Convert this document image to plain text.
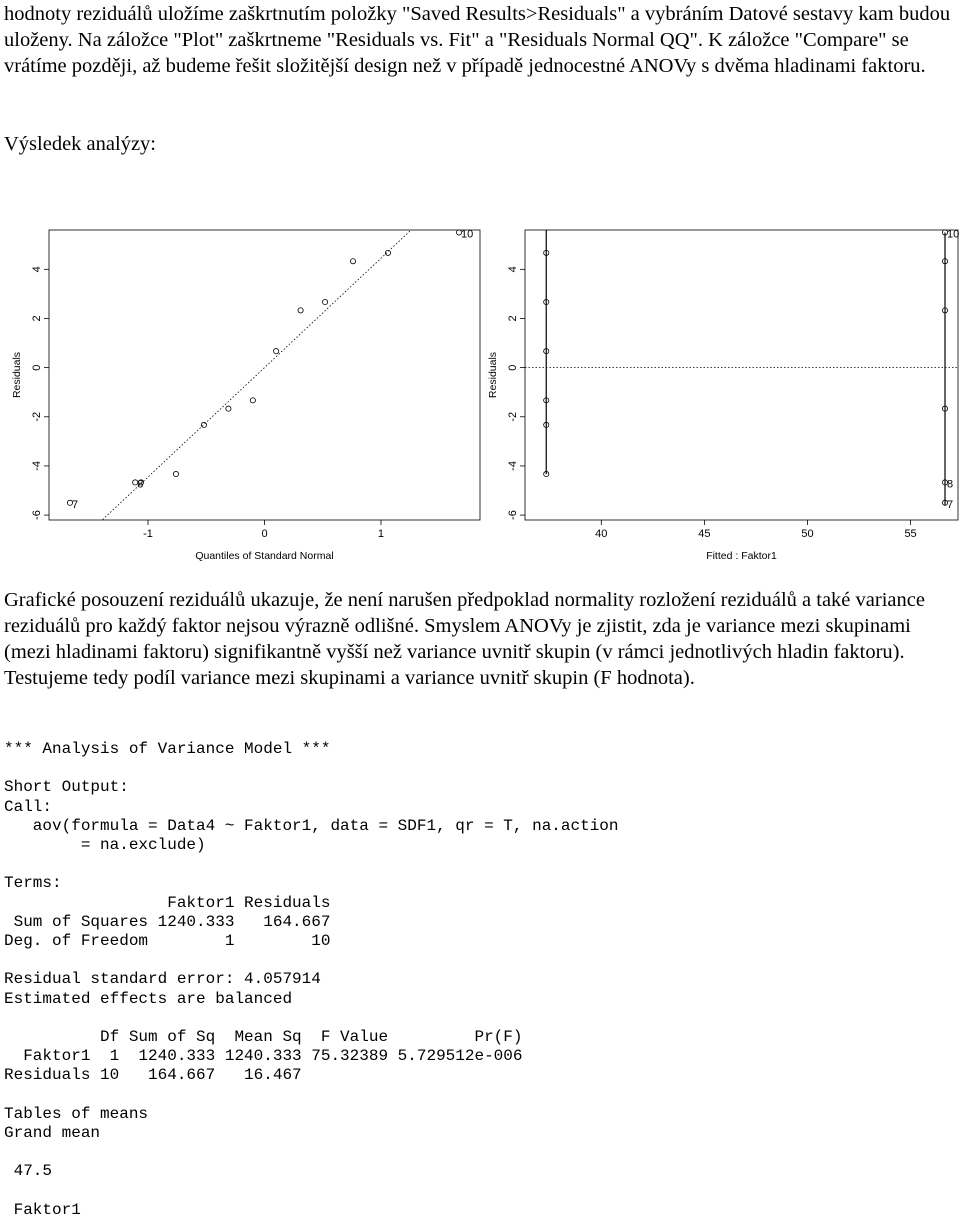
hodnoty reziduálů uložíme zaškrtnutím položky "Saved Results>Residuals" a vybráním Datové sestavy kam budou uloženy. Na záložce "Plot" zaškrtneme "Residuals vs. Fit" a "Residuals Normal QQ". K záložce "Compare" se vrátíme později, až budeme řešit složitější design než v případě jednocestné ANOVy s dvěma hladinami faktoru.

Výsledek analýzy:

-6
-4
-2
0
2
4
-1	0	1
Quantiles of Standard Normal
Residuals
7
8
10
-6
-4
-2
0
2
4
40	45	50	55
Fitted : Faktor1
Residuals
10
8
7

Grafické posouzení reziduálů ukazuje, že není narušen předpoklad normality rozložení reziduálů a také variance reziduálů pro každý faktor nejsou výrazně odlišné. Smyslem ANOVy je zjistit, zda je variance mezi skupinami (mezi hladinami faktoru) signifikantně vyšší než variance uvnitř skupin (v rámci jednotlivých hladin faktoru). Testujeme tedy podíl variance mezi skupinami a variance uvnitř skupin (F hodnota).

*** Analysis of Variance Model ***

Short Output:
Call:
aov(formula = Data4 ~ Faktor1, data = SDF1, qr = T, na.action
= na.exclude)

Terms:
Faktor1 Residuals
Sum of Squares 1240.333   164.667
Deg. of Freedom        1        10

Residual standard error: 4.057914
Estimated effects are balanced

Df Sum of Sq  Mean Sq  F Value         Pr(F)
Faktor1  1  1240.333 1240.333 75.32389 5.729512e-006
Residuals 10   164.667   16.467

Tables of means
Grand mean

47.5

Faktor1
